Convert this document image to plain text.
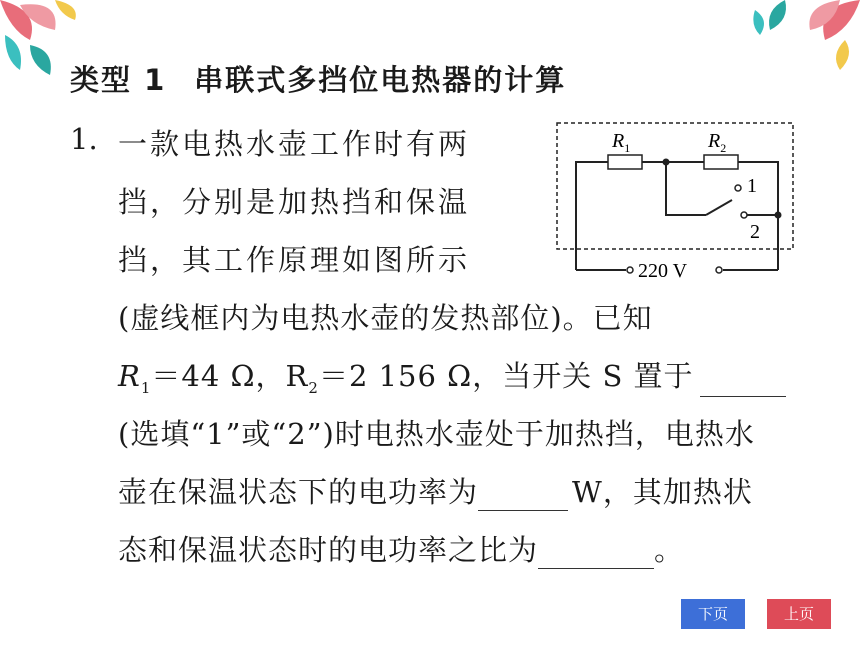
类型 1 串联式多挡位电热器的计算
1. 一款电热水壶工作时有两
挡，分别是加热挡和保温
挡，其工作原理如图所示
(虚线框内为电热水壶的发热部位)。已知
$R_1=44$ Ω，$R_2=2$ 156 Ω，当开关 S 置于
(选填“1”或“2”)时电热水壶处于加热挡，电热水
壶在保温状态下的电功率为	W，其加热状
态和保温状态时的电功率之比为	。
$R_1$	$R_2$
1
2
220 V
下页	上页
